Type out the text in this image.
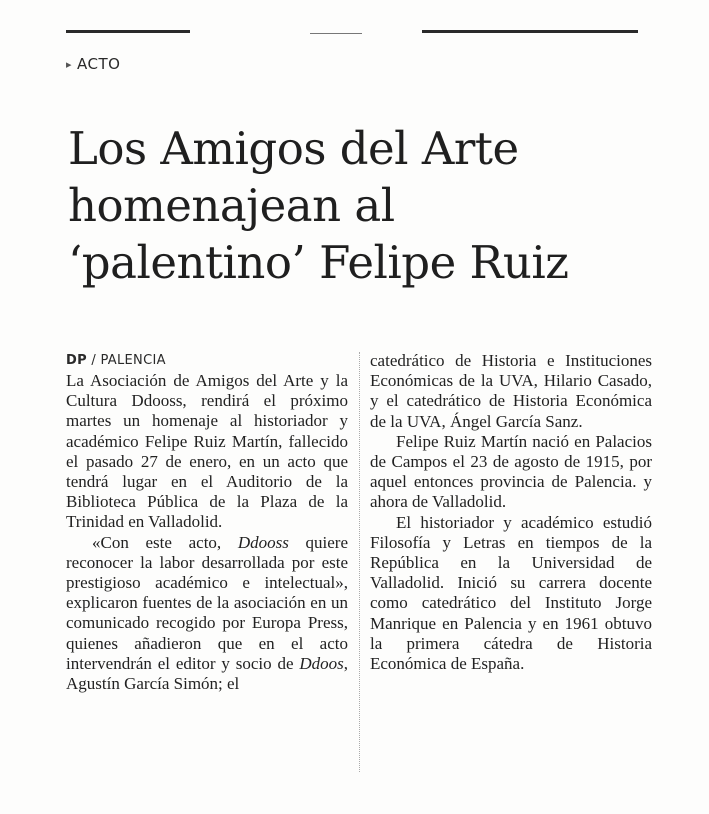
▸ ACTO
Los Amigos del Arte
homenajean al
‘palentino’ Felipe Ruiz
DP / PALENCIA

La Asociación de Amigos del Arte y la Cultura Ddooss, rendirá el próximo martes un homenaje al historiador y académico Felipe Ruiz Martín, fallecido el pasado 27 de enero, en un acto que tendrá lugar en el Auditorio de la Biblioteca Pública de la Plaza de la Trinidad en Valladolid.

«Con este acto, Ddooss quiere reconocer la labor desarrollada por este prestigioso académico e intelectual», explicaron fuentes de la asociación en un comunicado recogido por Europa Press, quienes añadieron que en el acto intervendrán el editor y socio de Ddoos, Agustín García Simón; el

catedrático de Historia e Instituciones Económicas de la UVA, Hilario Casado, y el catedrático de Historia Económica de la UVA, Ángel García Sanz.

Felipe Ruiz Martín nació en Palacios de Campos el 23 de agosto de 1915, por aquel entonces provincia de Palencia. y ahora de Valladolid.

El historiador y académico estudió Filosofía y Letras en tiempos de la República en la Universidad de Valladolid. Inició su carrera docente como catedrático del Instituto Jorge Manrique en Palencia y en 1961 obtuvo la primera cátedra de Historia Económica de España.
